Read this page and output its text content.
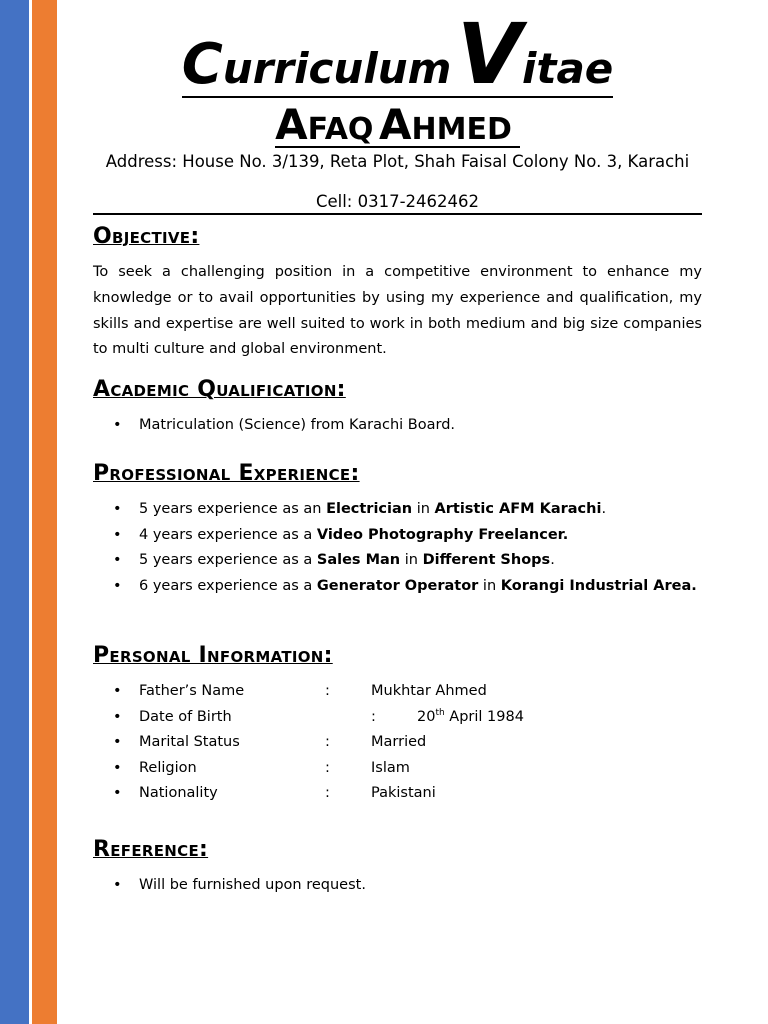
Curriculum Vitae
AFAQ AHMED
Address: House No. 3/139, Reta Plot, Shah Faisal Colony No. 3, Karachi
Cell: 0317-2462462
Objective:
To seek a challenging position in a competitive environment to enhance my knowledge or to avail opportunities by using my experience and qualification, my skills and expertise are well suited to work in both medium and big size companies to multi culture and global environment.
Academic Qualification:
• Matriculation (Science) from Karachi Board.
Professional Experience:
• 5 years experience as an Electrician in Artistic AFM Karachi.
• 4 years experience as a Video Photography Freelancer.
• 5 years experience as a Sales Man in Different Shops.
• 6 years experience as a Generator Operator in Korangi Industrial Area.
Personal Information:
• Father’s Name	:	Mukhtar Ahmed
• Date of Birth	:	20th April 1984
• Marital Status	:	Married
• Religion	:	Islam
• Nationality	:	Pakistani
Reference:
• Will be furnished upon request.
